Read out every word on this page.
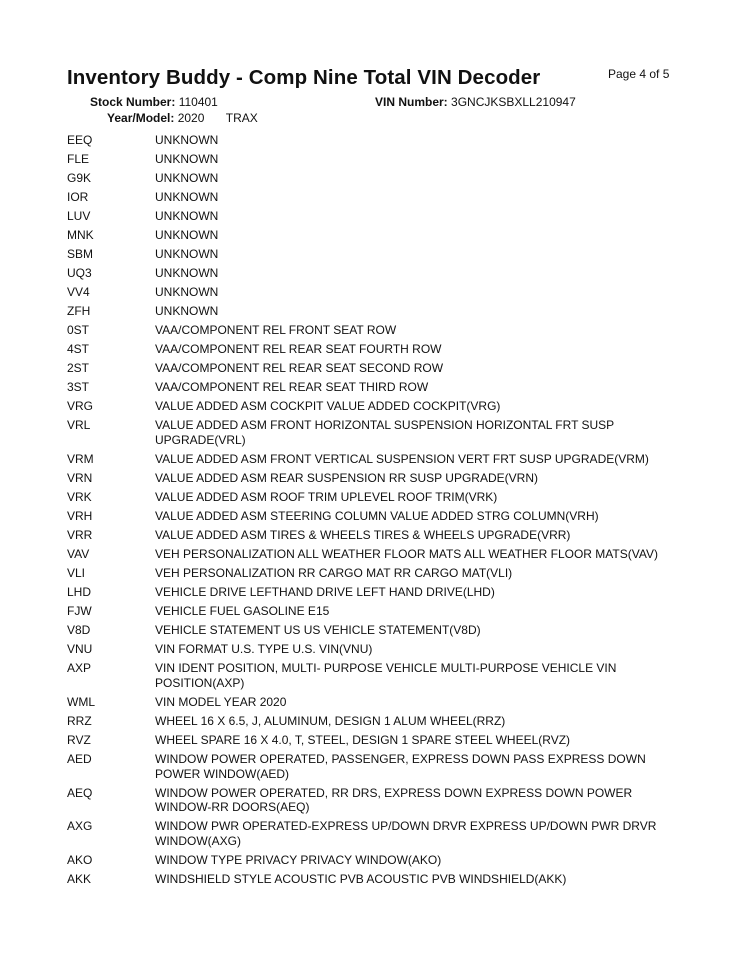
Inventory Buddy - Comp Nine Total VIN Decoder	Page 4 of 5
Stock Number: 110401	VIN Number: 3GNCJKSBXLL210947
Year/Model: 2020 TRAX
EEQ	UNKNOWN
FLE	UNKNOWN
G9K	UNKNOWN
IOR	UNKNOWN
LUV	UNKNOWN
MNK	UNKNOWN
SBM	UNKNOWN
UQ3	UNKNOWN
VV4	UNKNOWN
ZFH	UNKNOWN
0ST	VAA/COMPONENT REL FRONT SEAT ROW
4ST	VAA/COMPONENT REL REAR SEAT FOURTH ROW
2ST	VAA/COMPONENT REL REAR SEAT SECOND ROW
3ST	VAA/COMPONENT REL REAR SEAT THIRD ROW
VRG	VALUE ADDED ASM COCKPIT VALUE ADDED COCKPIT(VRG)
VRL	VALUE ADDED ASM FRONT HORIZONTAL SUSPENSION HORIZONTAL FRT SUSP UPGRADE(VRL)
VRM	VALUE ADDED ASM FRONT VERTICAL SUSPENSION VERT FRT SUSP UPGRADE(VRM)
VRN	VALUE ADDED ASM REAR SUSPENSION RR SUSP UPGRADE(VRN)
VRK	VALUE ADDED ASM ROOF TRIM UPLEVEL ROOF TRIM(VRK)
VRH	VALUE ADDED ASM STEERING COLUMN VALUE ADDED STRG COLUMN(VRH)
VRR	VALUE ADDED ASM TIRES & WHEELS TIRES & WHEELS UPGRADE(VRR)
VAV	VEH PERSONALIZATION ALL WEATHER FLOOR MATS ALL WEATHER FLOOR MATS(VAV)
VLI	VEH PERSONALIZATION RR CARGO MAT RR CARGO MAT(VLI)
LHD	VEHICLE DRIVE LEFTHAND DRIVE LEFT HAND DRIVE(LHD)
FJW	VEHICLE FUEL GASOLINE E15
V8D	VEHICLE STATEMENT US US VEHICLE STATEMENT(V8D)
VNU	VIN FORMAT U.S. TYPE U.S. VIN(VNU)
AXP	VIN IDENT POSITION, MULTI- PURPOSE VEHICLE MULTI-PURPOSE VEHICLE VIN POSITION(AXP)
WML	VIN MODEL YEAR 2020
RRZ	WHEEL 16 X 6.5, J, ALUMINUM, DESIGN 1 ALUM WHEEL(RRZ)
RVZ	WHEEL SPARE 16 X 4.0, T, STEEL, DESIGN 1 SPARE STEEL WHEEL(RVZ)
AED	WINDOW POWER OPERATED, PASSENGER, EXPRESS DOWN PASS EXPRESS DOWN POWER WINDOW(AED)
AEQ	WINDOW POWER OPERATED, RR DRS, EXPRESS DOWN EXPRESS DOWN POWER WINDOW-RR DOORS(AEQ)
AXG	WINDOW PWR OPERATED-EXPRESS UP/DOWN DRVR EXPRESS UP/DOWN PWR DRVR WINDOW(AXG)
AKO	WINDOW TYPE PRIVACY PRIVACY WINDOW(AKO)
AKK	WINDSHIELD STYLE ACOUSTIC PVB ACOUSTIC PVB WINDSHIELD(AKK)
